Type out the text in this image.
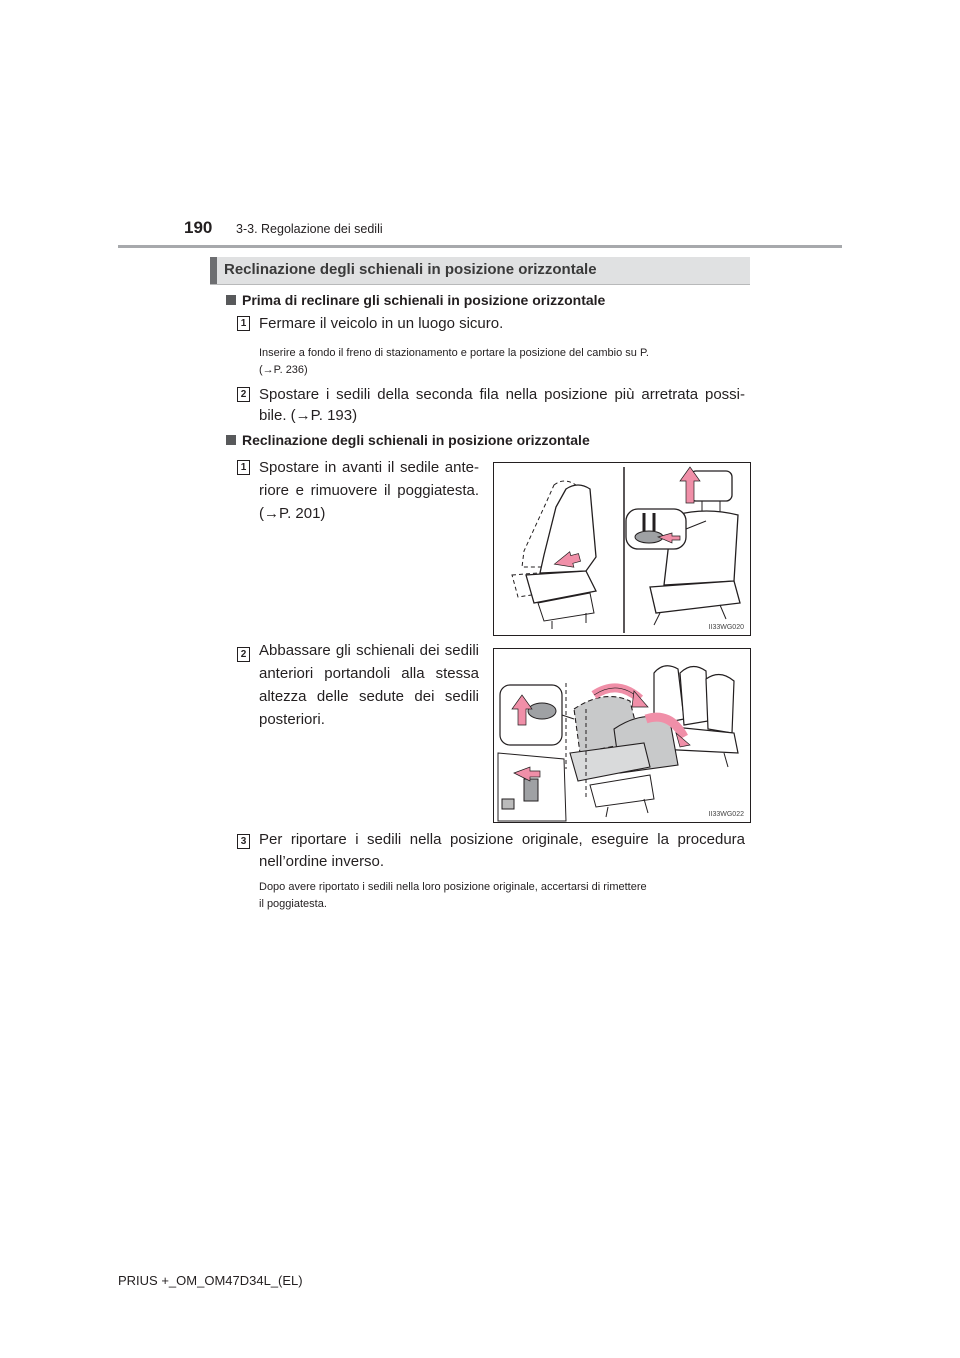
190 3-3. Regolazione dei sedili
Reclinazione degli schienali in posizione orizzontale
Prima di reclinare gli schienali in posizione orizzontale
1 Fermare il veicolo in un luogo sicuro.
Inserire a fondo il freno di stazionamento e portare la posizione del cambio su P.
(→P. 236)
2 Spostare i sedili della seconda fila nella posizione più arretrata possi-
bile. (→P. 193)
Reclinazione degli schienali in posizione orizzontale
1 Spostare in avanti il sedile ante-
riore e rimuovere il poggiatesta.
(→P. 201)
II33WG020
2 Abbassare gli schienali dei sedili
anteriori portandoli alla stessa
altezza delle sedute dei sedili
posteriori.
II33WG022
3 Per riportare i sedili nella posizione originale, eseguire la procedura
nell’ordine inverso.
Dopo avere riportato i sedili nella loro posizione originale, accertarsi di rimettere
il poggiatesta.
PRIUS +_OM_OM47D34L_(EL)
